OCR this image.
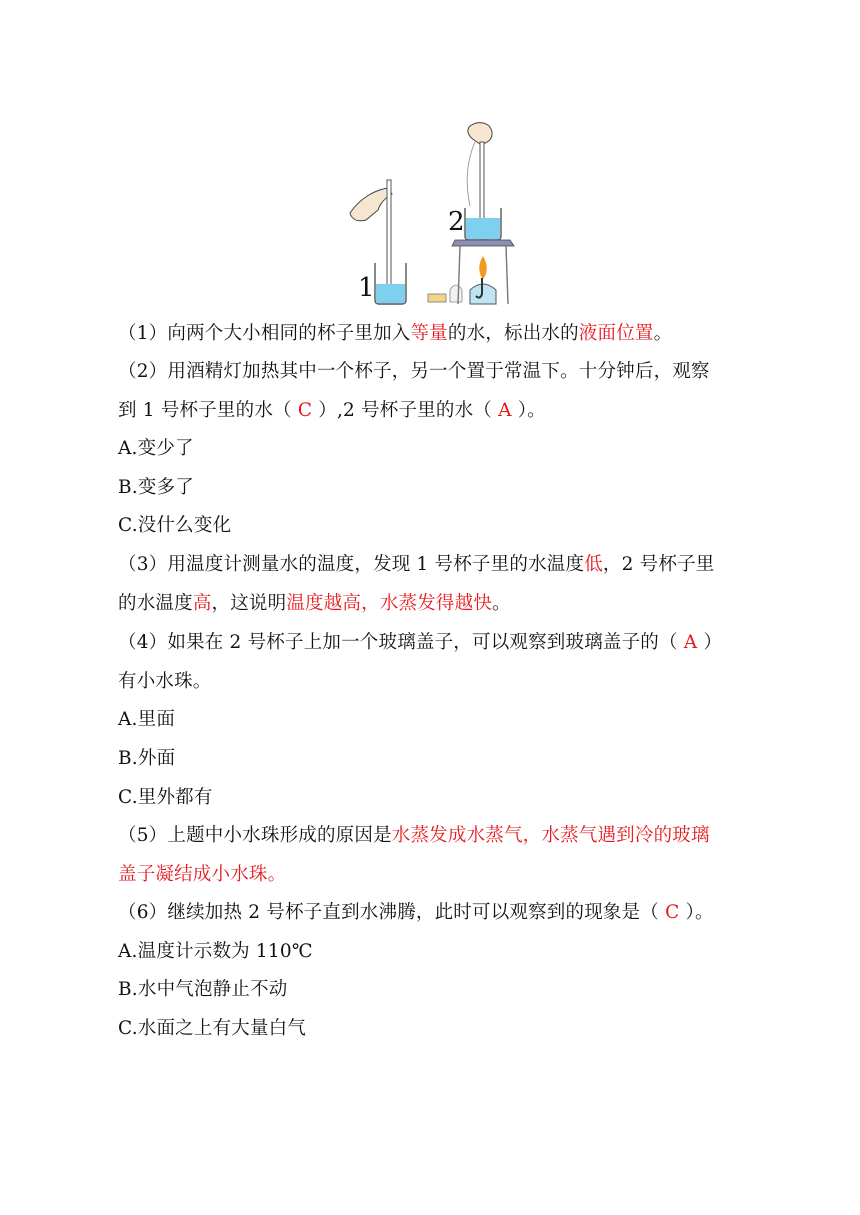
1
2
（1）向两个大小相同的杯子里加入等量的水，标出水的液面位置。
（2）用酒精灯加热其中一个杯子，另一个置于常温下。十分钟后，观察
到 1 号杯子里的水（ C ）,2 号杯子里的水（ A ）。
A.变少了
B.变多了
C.没什么变化
（3）用温度计测量水的温度，发现 1 号杯子里的水温度低，2 号杯子里
的水温度高，这说明温度越高，水蒸发得越快。
（4）如果在 2 号杯子上加一个玻璃盖子，可以观察到玻璃盖子的（ A ）
有小水珠。
A.里面
B.外面
C.里外都有
（5）上题中小水珠形成的原因是水蒸发成水蒸气，水蒸气遇到冷的玻璃
盖子凝结成小水珠。
（6）继续加热 2 号杯子直到水沸腾，此时可以观察到的现象是（ C ）。
A.温度计示数为 110℃
B.水中气泡静止不动
C.水面之上有大量白气
